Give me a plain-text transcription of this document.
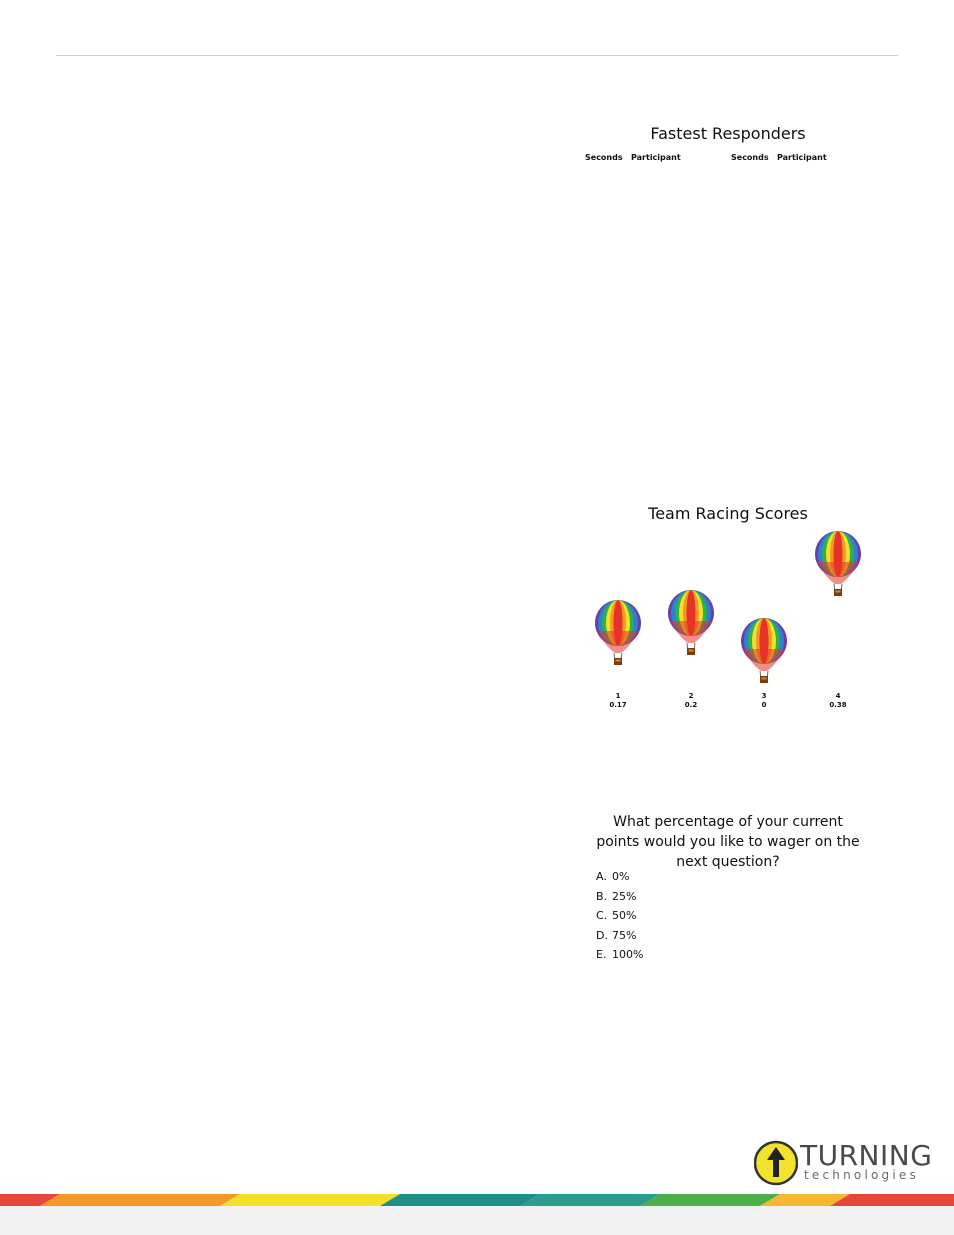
Fastest Responders
Seconds Participant	Seconds Participant
Team Racing Scores
1
0.17
2
0.2
3
0
4
0.38
What percentage of your current points would you like to wager on the next question?
A. 0%
B. 25%
C. 50%
D. 75%
E. 100%
TURNING
technologies
